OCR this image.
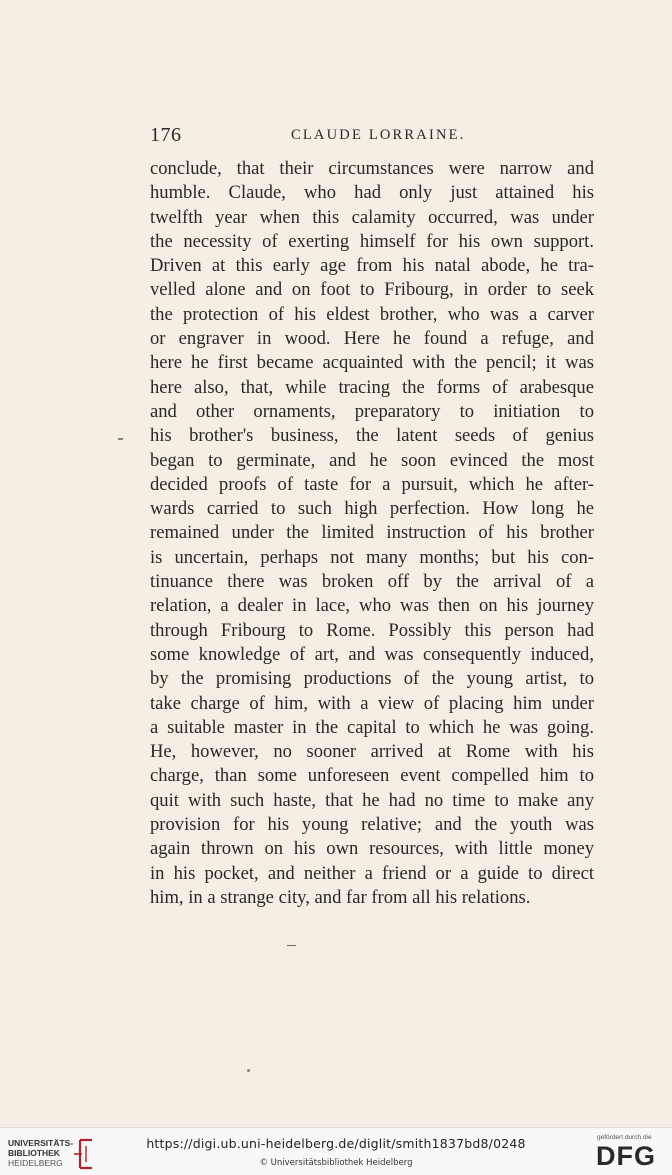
176	CLAUDE LORRAINE.
conclude, that their circumstances were narrow and
humble. Claude, who had only just attained his
twelfth year when this calamity occurred, was under
the necessity of exerting himself for his own support.
Driven at this early age from his natal abode, he tra-
velled alone and on foot to Fribourg, in order to seek
the protection of his eldest brother, who was a carver
or engraver in wood. Here he found a refuge, and
here he first became acquainted with the pencil; it was
here also, that, while tracing the forms of arabesque
and other ornaments, preparatory to initiation to
his brother's business, the latent seeds of genius
began to germinate, and he soon evinced the most
decided proofs of taste for a pursuit, which he after-
wards carried to such high perfection. How long he
remained under the limited instruction of his brother
is uncertain, perhaps not many months; but his con-
tinuance there was broken off by the arrival of a
relation, a dealer in lace, who was then on his journey
through Fribourg to Rome. Possibly this person had
some knowledge of art, and was consequently induced,
by the promising productions of the young artist, to
take charge of him, with a view of placing him under
a suitable master in the capital to which he was going.
He, however, no sooner arrived at Rome with his
charge, than some unforeseen event compelled him to
quit with such haste, that he had no time to make any
provision for his young relative; and the youth was
again thrown on his own resources, with little money
in his pocket, and neither a friend or a guide to direct
him, in a strange city, and far from all his relations.
UNIVERSITÄTS-
BIBLIOTHEK
HEIDELBERG
https://digi.ub.uni-heidelberg.de/diglit/smith1837bd8/0248
© Universitätsbibliothek Heidelberg
gefördert durch die
DFG
